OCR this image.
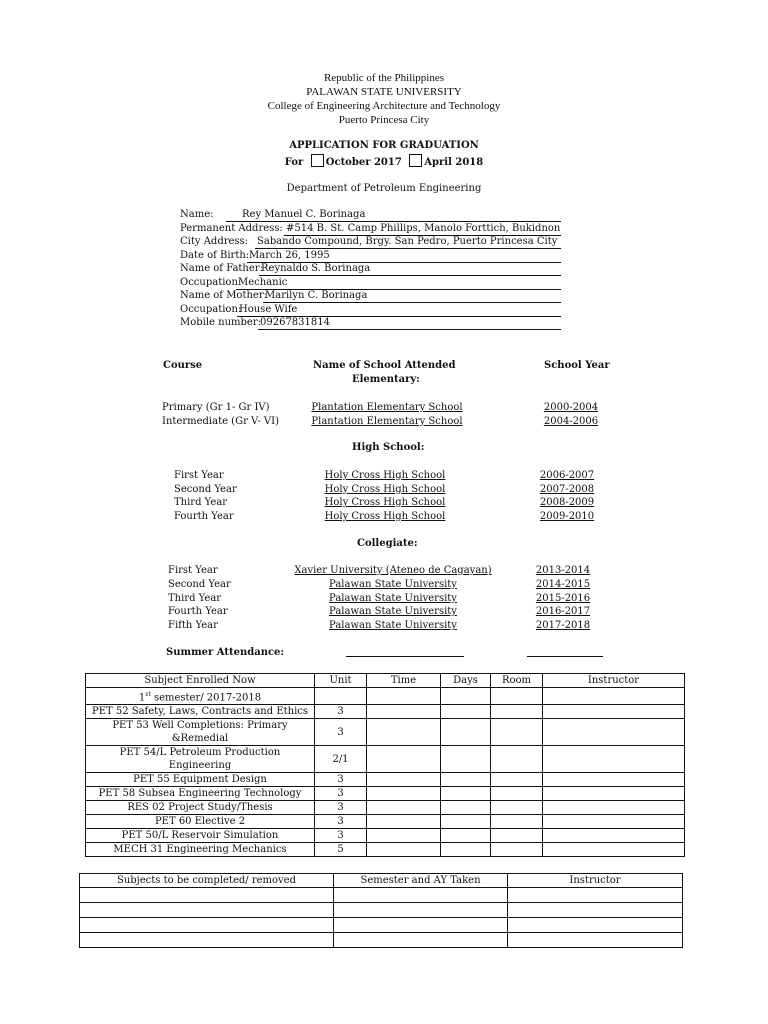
Republic of the Philippines
PALAWAN STATE UNIVERSITY
College of Engineering Architecture and Technology
Puerto Princesa City
APPLICATION FOR GRADUATION
For October 2017 April 2018
Department of Petroleum Engineering
Name:	Rey Manuel C. Borinaga
Permanent Address: #514 B. St. Camp Phillips, Manolo Forttich, Bukidnon
City Address: Sabando Compound, Brgy. San Pedro, Puerto Princesa City
Date of Birth: March 26, 1995
Name of Father:
Reynaldo S. Borinaga
Occupation:
Mechanic
Name of Mother:
Marilyn C. Borinaga
Occupation:
House Wife
Mobile number: 09267831814
Course	Name of School Attended	School Year
Elementary:
High School:
Collegiate:
Primary (Gr 1- Gr IV)	Plantation Elementary School	2000-2004
Intermediate (Gr V- VI)	Plantation Elementary School	2004-2006
First Year	Holy Cross High School	2006-2007
Second Year	Holy Cross High School	2007-2008
Third Year	Holy Cross High School	2008-2009
Fourth Year	Holy Cross High School	2009-2010
First Year	Xavier University (Ateneo de Cagayan)	2013-2014
Second Year	Palawan State University	2014-2015
Third Year	Palawan State University	2015-2016
Fourth Year	Palawan State University	2016-2017
Fifth Year	Palawan State University	2017-2018
Summer Attendance:
Subject Enrolled Now	Unit	Time	Days	Room	Instructor
1st semester/ 2017-2018					
PET 52 Safety, Laws, Contracts and Ethics	3				
PET 53 Well Completions: Primary &Remedial	3				
PET 54/L Petroleum Production Engineering	2/1				
PET 55 Equipment Design	3				
PET 58 Subsea Engineering Technology	3				
RES 02 Project Study/Thesis	3				
PET 60 Elective 2	3				
PET 50/L Reservoir Simulation	3				
MECH 31 Engineering Mechanics	5				
Subjects to be completed/ removed	Semester and AY Taken	Instructor
